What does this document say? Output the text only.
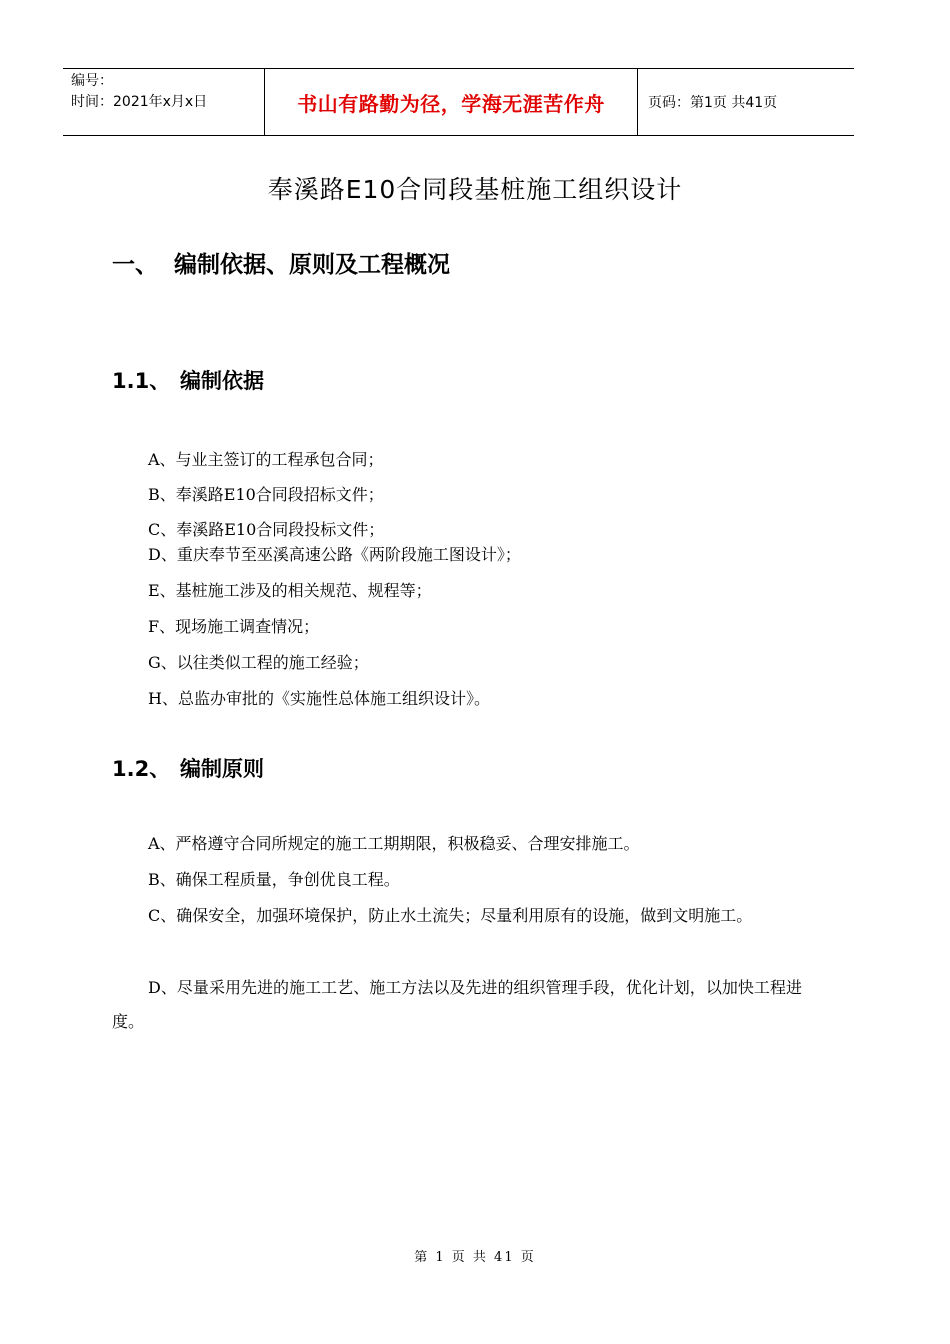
编号：
时间：2021年x月x日	书山有路勤为径，学海无涯苦作舟	页码：第1页 共41页
奉溪路E10合同段基桩施工组织设计
一、 编制依据、原则及工程概况
1.1、 编制依据
A、与业主签订的工程承包合同；
B、奉溪路E10合同段招标文件；
C、奉溪路E10合同段投标文件；
D、重庆奉节至巫溪高速公路《两阶段施工图设计》；
E、基桩施工涉及的相关规范、规程等；
F、现场施工调查情况；
G、以往类似工程的施工经验；
H、总监办审批的《实施性总体施工组织设计》。
1.2、 编制原则
A、严格遵守合同所规定的施工工期期限，积极稳妥、合理安排施工。
B、确保工程质量，争创优良工程。
C、确保安全，加强环境保护，防止水土流失；尽量利用原有的设施，做到文明施工。
D、尽量采用先进的施工工艺、施工方法以及先进的组织管理手段，优化计划，以加快工程进度。
第 1 页 共 41 页
